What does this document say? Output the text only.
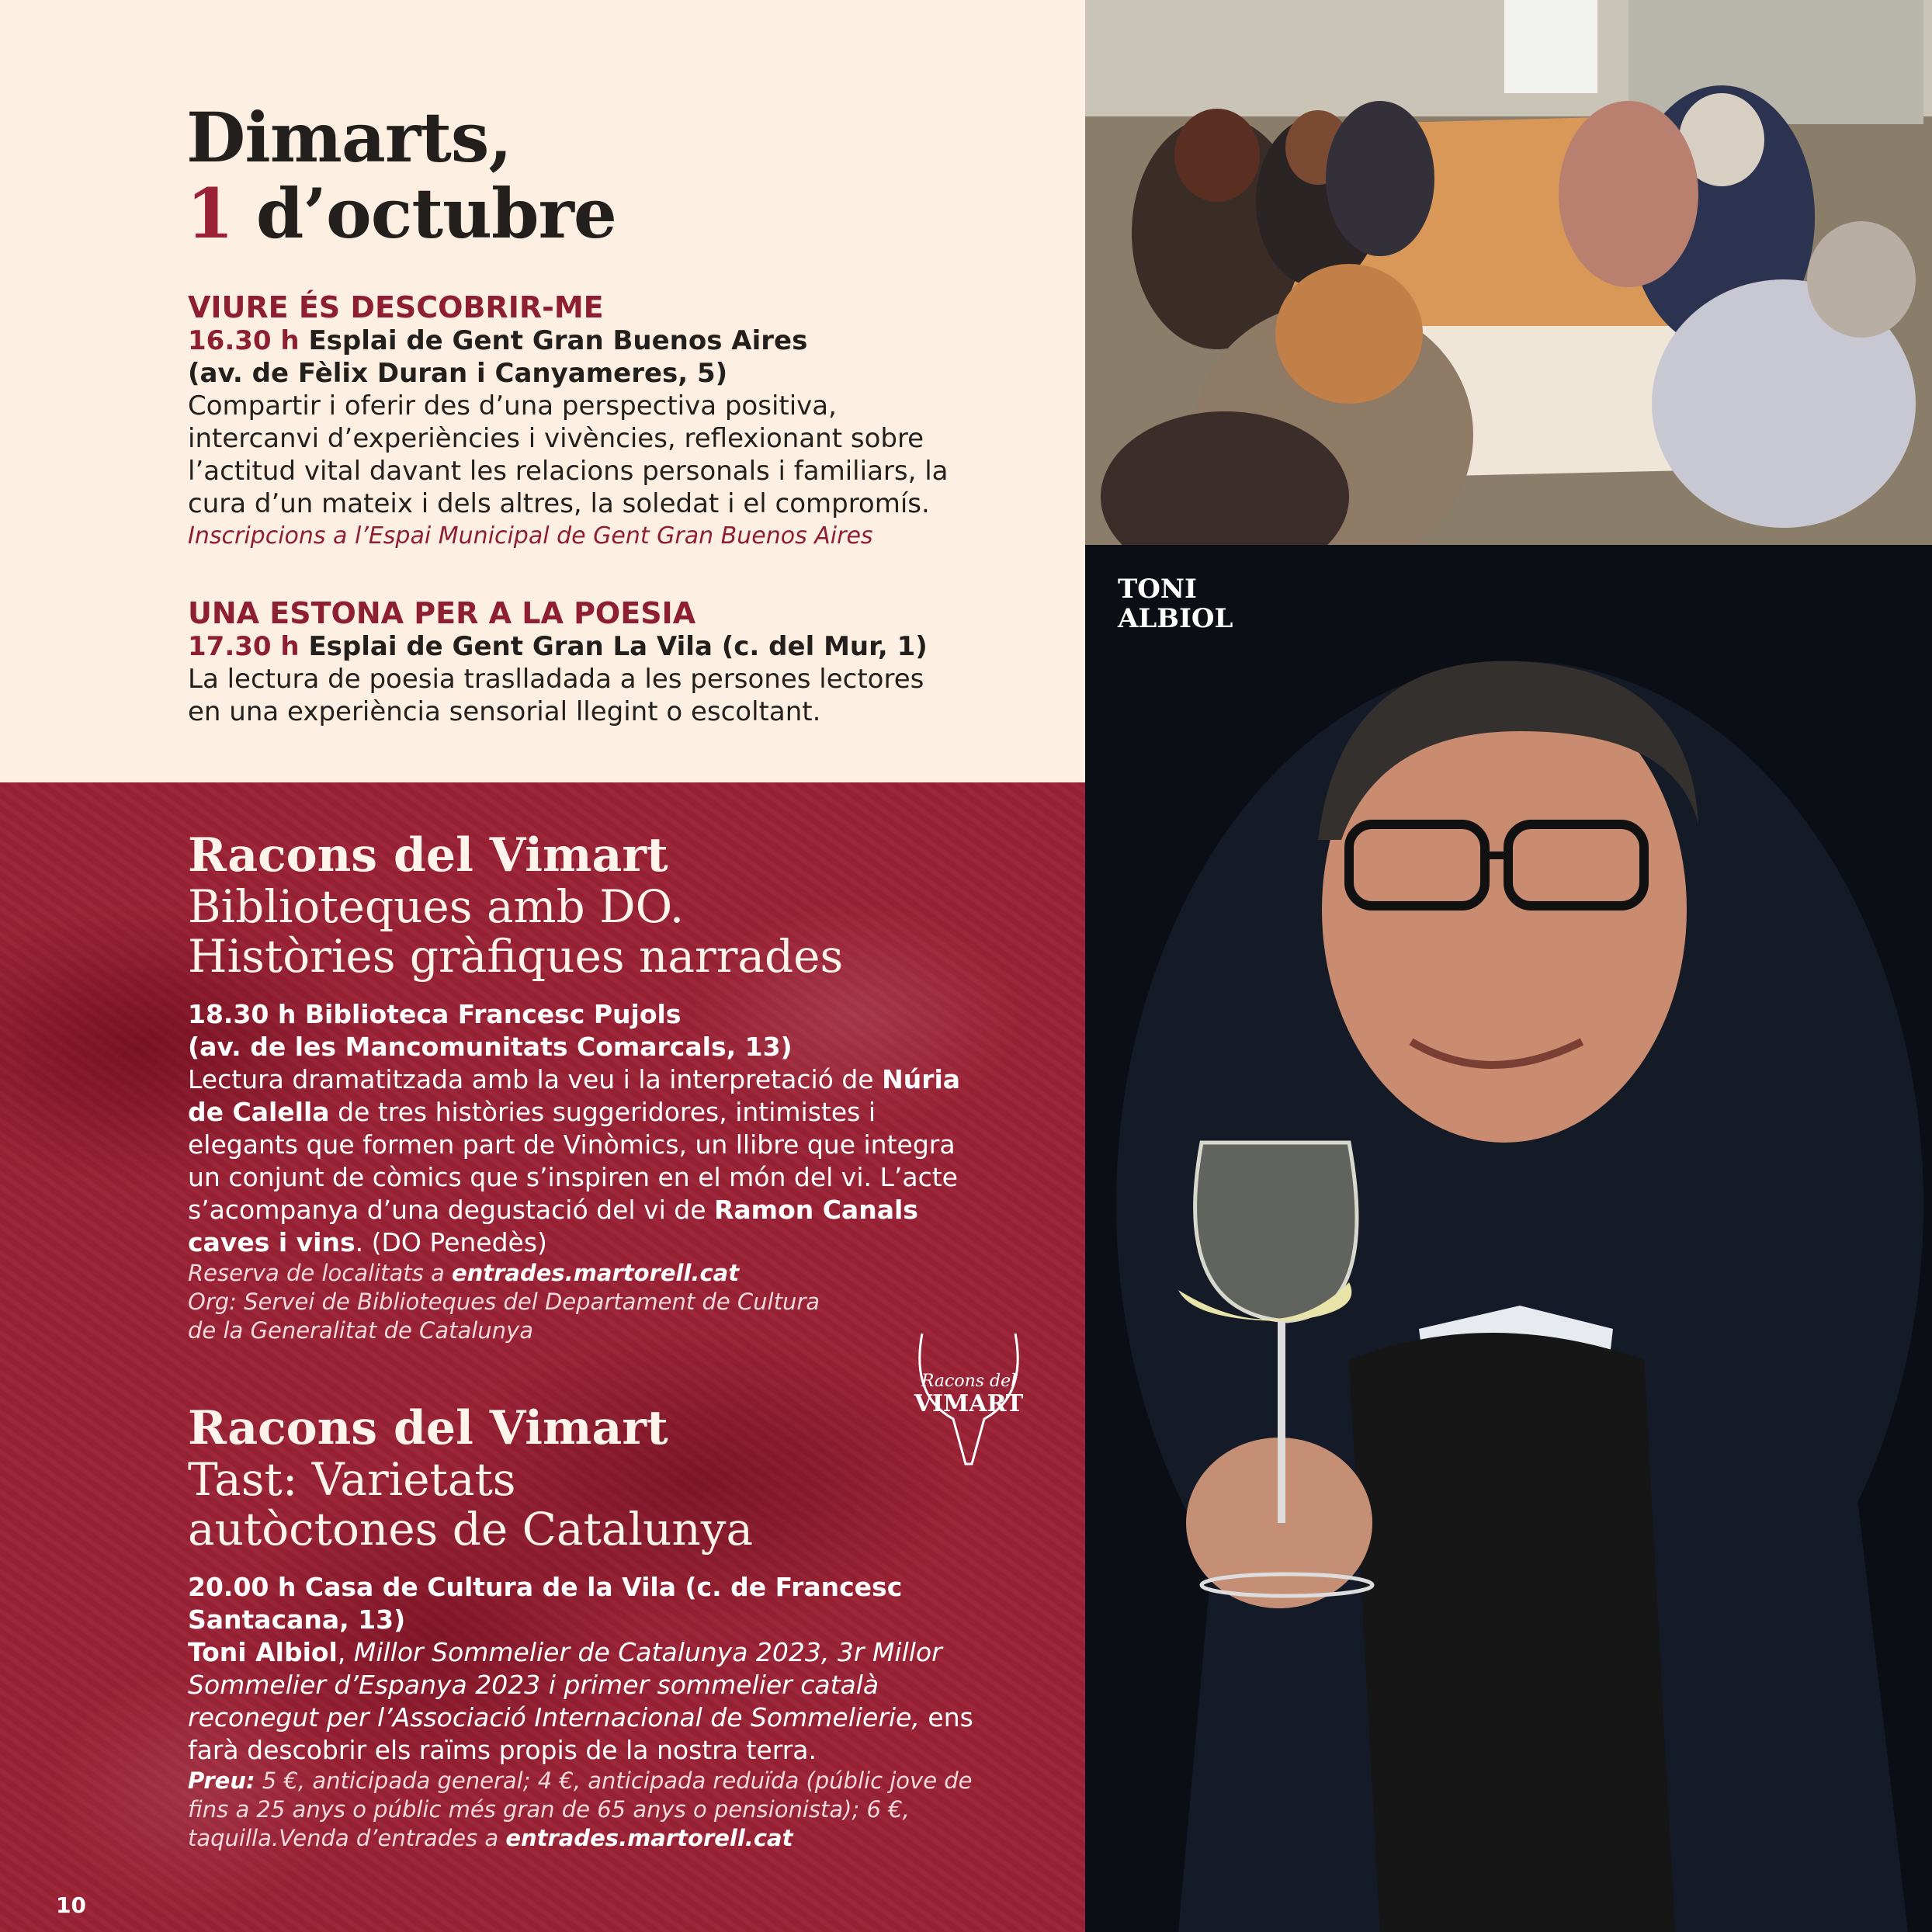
Dimarts,
1 d’octubre
VIURE ÉS DESCOBRIR-ME
16.30 h Esplai de Gent Gran Buenos Aires
(av. de Fèlix Duran i Canyameres, 5)
Compartir i oferir des d’una perspectiva positiva, intercanvi d’experiències i vivències, reflexionant sobre l’actitud vital davant les relacions personals i familiars, la cura d’un mateix i dels altres, la soledat i el compromís.
Inscripcions a l’Espai Municipal de Gent Gran Buenos Aires
UNA ESTONA PER A LA POESIA
17.30 h Esplai de Gent Gran La Vila (c. del Mur, 1)
La lectura de poesia traslladada a les persones lectores en una experiència sensorial llegint o escoltant.
Racons del Vimart
Biblioteques amb DO.
Històries gràfiques narrades
18.30 h Biblioteca Francesc Pujols
(av. de les Mancomunitats Comarcals, 13)
Lectura dramatitzada amb la veu i la interpretació de Núria de Calella de tres històries suggeridores, intimistes i elegants que formen part de Vinòmics, un llibre que integra un conjunt de còmics que s’inspiren en el món del vi. L’acte s’acompanya d’una degustació del vi de Ramon Canals caves i vins. (DO Penedès)
Reserva de localitats a entrades.martorell.cat
Org: Servei de Biblioteques del Departament de Cultura
de la Generalitat de Catalunya
Racons del
VIMART
Racons del Vimart
Tast: Varietats
autòctones de Catalunya
20.00 h Casa de Cultura de la Vila (c. de Francesc Santacana, 13)
Toni Albiol, Millor Sommelier de Catalunya 2023, 3r Millor Sommelier d’Espanya 2023 i primer sommelier català reconegut per l’Associació Internacional de Sommelierie, ens farà descobrir els raïms propis de la nostra terra.
Preu: 5 €, anticipada general; 4 €, anticipada reduïda (públic jove de fins a 25 anys o públic més gran de 65 anys o pensionista); 6 €, taquilla.Venda d’entrades a entrades.martorell.cat
TONI
ALBIOL
10
